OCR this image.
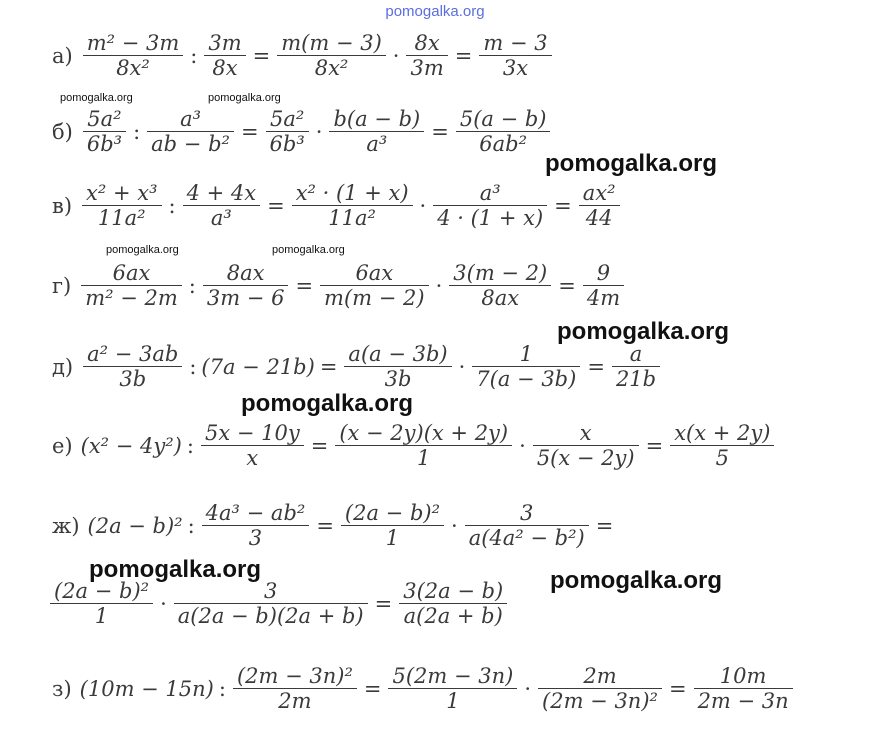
pomogalka.org
$а) \frac{\text{m² − 3m}}{\text{8x²}}$ : $\frac{3m}{8x} = \frac{m(m - 3)}{\text{8x²}} \cdot \frac{8x}{3m} = \frac{m - 3}{3x}$
$б) \frac{\text{5a²}}{\text{6b³}}$ : $\frac{\text{a³}}{\text{ab − b²}} = \frac{\text{5a²}}{\text{6b³}} \cdot \frac{b(a - b)}{\text{a³}} = \frac{5(a - b)}{\text{6ab²}}$
$в) \frac{\text{x² + x³}}{\text{11a²}}$ : $\frac{4 + 4x}{\text{a³}} = \frac{\text{x² · (1 + x)}}{\text{11a²}} \cdot \frac{\text{a³}}{4 \cdot (1 + x)} = \frac{\text{ax²}}{44}$
$г) \frac{6ax}{\text{m² − 2m}}$ : $\frac{8ax}{3m - 6} = \frac{6ax}{m(m - 2)} \cdot \frac{3(m - 2)}{8ax} = \frac{9}{4m}$
$д) \frac{\text{a² − 3ab}}{3b}$ : $(7a - 21b) = \frac{a(a - 3b)}{3b} \cdot \frac{1}{7(a - 3b)} = \frac{a}{21b}$
е) (x² − 4y²) : $\frac{5x - 10y}{x} = \frac{(x - 2y)(x + 2y)}{1} \cdot \frac{x}{5(x - 2y)} = \frac{x(x + 2y)}{5}$
ж) (2a − b)² : $\frac{\text{4a³ − ab²}}{3} = \frac{\text{(2a − b)²}}{1} \cdot \frac{3}{\text{a(4a² − b²)}}$ =
$\frac{\text{(2a − b)²}}{1} \cdot \frac{3}{a(2a - b)(2a + b)} = \frac{3(2a - b)}{a(2a + b)}$
з) (10m − 15n) : $\frac{\text{(2m − 3n)²}}{2m} = \frac{5(2m - 3n)}{1} \cdot \frac{2m}{\text{(2m − 3n)²}} = \frac{10m}{2m - 3n}$
pomogalka.org	pomogalka.org
pomogalka.org
pomogalka.org	pomogalka.org
pomogalka.org
pomogalka.org
pomogalka.org	pomogalka.org
